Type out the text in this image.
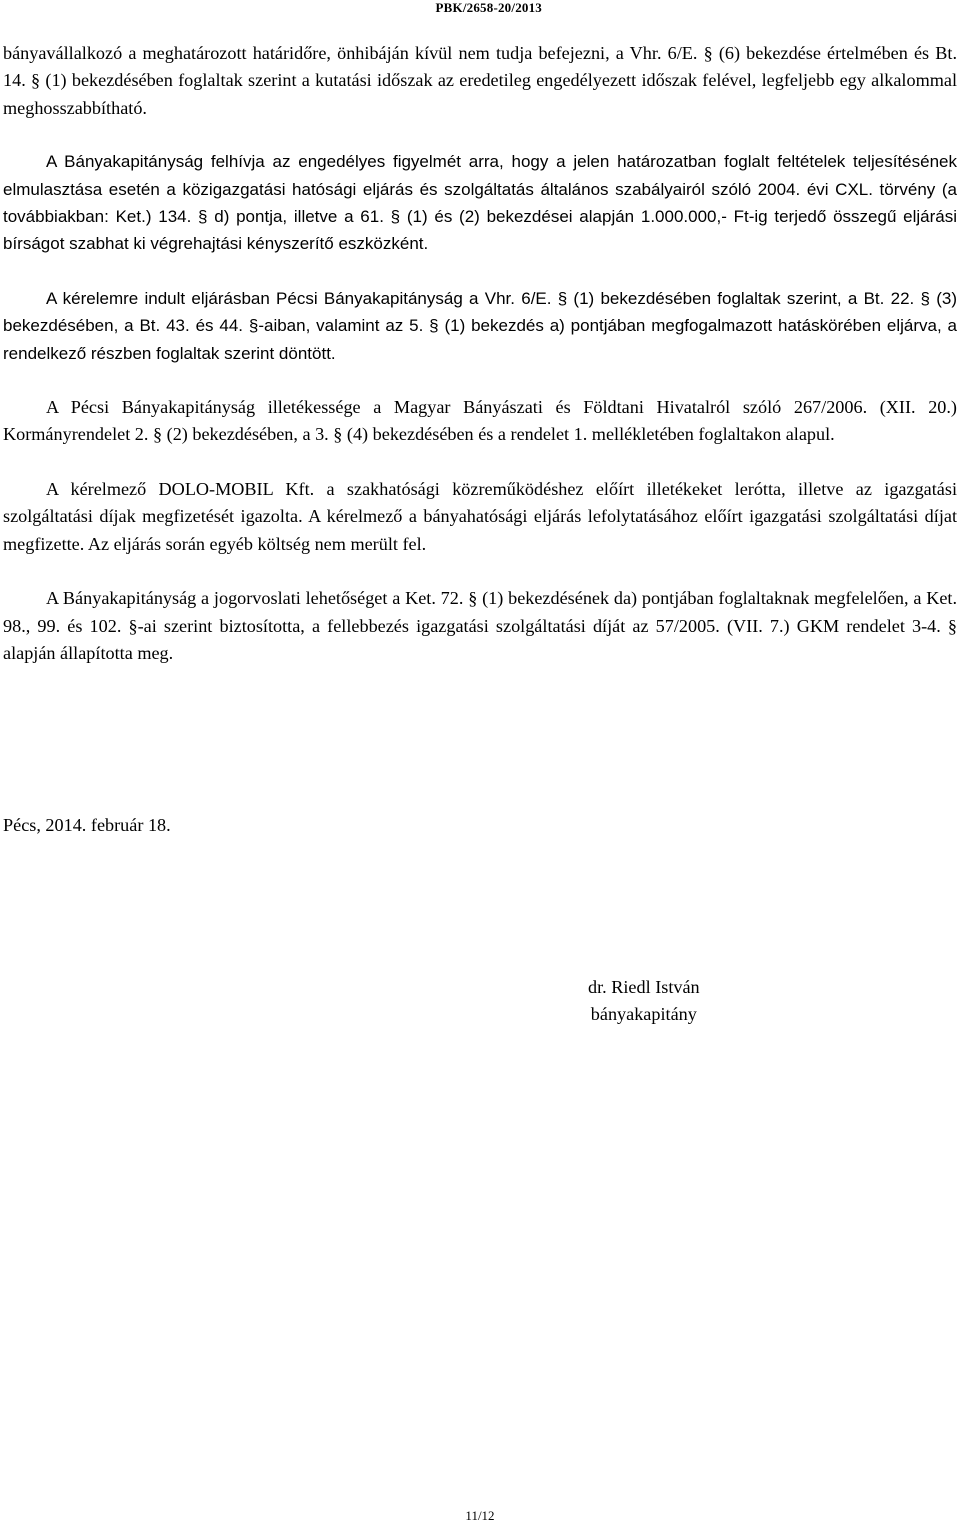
PBK/2658-20/2013

bányavállalkozó a meghatározott határidőre, önhibáján kívül nem tudja befejezni, a Vhr. 6/E. § (6) bekezdése értelmében és Bt. 14. § (1) bekezdésében foglaltak szerint a kutatási időszak az eredetileg engedélyezett időszak felével, legfeljebb egy alkalommal meghosszabbítható.

A Bányakapitányság felhívja az engedélyes figyelmét arra, hogy a jelen határozatban foglalt feltételek teljesítésének elmulasztása esetén a közigazgatási hatósági eljárás és szolgáltatás általános szabályairól szóló 2004. évi CXL. törvény (a továbbiakban: Ket.) 134. § d) pontja, illetve a 61. § (1) és (2) bekezdései alapján 1.000.000,- Ft-ig terjedő összegű eljárási bírságot szabhat ki végrehajtási kényszerítő eszközként.

A kérelemre indult eljárásban Pécsi Bányakapitányság a Vhr. 6/E. § (1) bekezdésében foglaltak szerint, a Bt. 22. § (3) bekezdésében, a Bt. 43. és 44. §-aiban, valamint az 5. § (1) bekezdés a) pontjában megfogalmazott hatáskörében eljárva, a rendelkező részben foglaltak szerint döntött.

A Pécsi Bányakapitányság illetékessége a Magyar Bányászati és Földtani Hivatalról szóló 267/2006. (XII. 20.) Kormányrendelet 2. § (2) bekezdésében, a 3. § (4) bekezdésében és a rendelet 1. mellékletében foglaltakon alapul.

A kérelmező DOLO-MOBIL Kft. a szakhatósági közreműködéshez előírt illetékeket lerótta, illetve az igazgatási szolgáltatási díjak megfizetését igazolta. A kérelmező a bányahatósági eljárás lefolytatásához előírt igazgatási szolgáltatási díjat megfizette. Az eljárás során egyéb költség nem merült fel.

A Bányakapitányság a jogorvoslati lehetőséget a Ket. 72. § (1) bekezdésének da) pontjában foglaltaknak megfelelően, a Ket. 98., 99. és 102. §-ai szerint biztosította, a fellebbezés igazgatási szolgáltatási díját az 57/2005. (VII. 7.) GKM rendelet 3-4. § alapján állapította meg.

Pécs, 2014. február 18.
dr. Riedl István
bányakapitány
11/12
